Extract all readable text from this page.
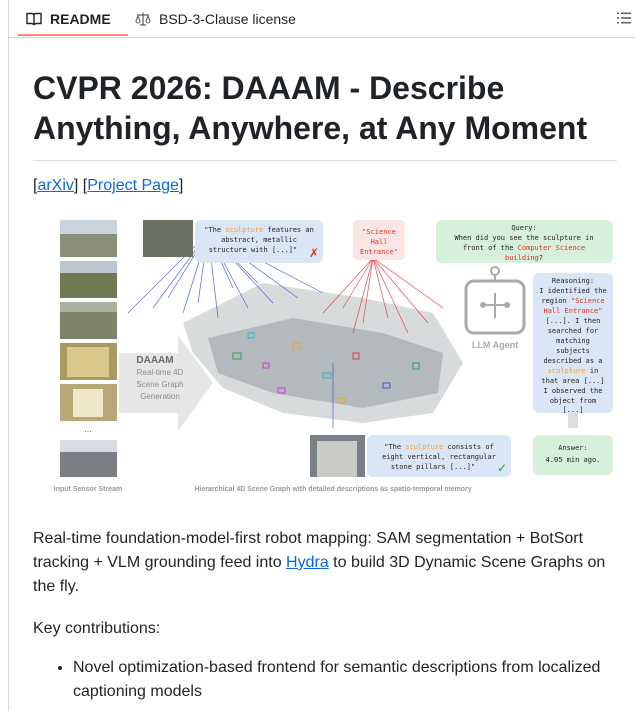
README	BSD-3-Clause license
CVPR 2026: DAAAM - Describe Anything, Anywhere, at Any Moment
[arXiv] [Project Page]
...
DAAAM
Real-time 4D
Scene Graph
Generation
"The sculpture features an
abstract, metallic
structure with [...]" ✗
"Science
Hall
Entrance"
Query:
When did you see the sculpture in
front of the Computer Science
building?
LLM Agent
Reasoning:
I identified the
region "Science
Hall Entrance"
[...]. I then
searched for
matching
subjects
described as a
sculpture in
that area [...]
I observed the
object from
[...]
"The sculpture consists of
eight vertical, rectangular
stone pillars [...]" ✓
Answer:
4.05 min ago.
Input Sensor Stream	Hierarchical 4D Scene Graph with detailed descriptions as spatio-temporal memory

Real-time foundation-model-first robot mapping: SAM segmentation + BotSort tracking + VLM grounding feed into Hydra to build 3D Dynamic Scene Graphs on the fly.

Key contributions:

• Novel optimization-based frontend for semantic descriptions from localized captioning models
